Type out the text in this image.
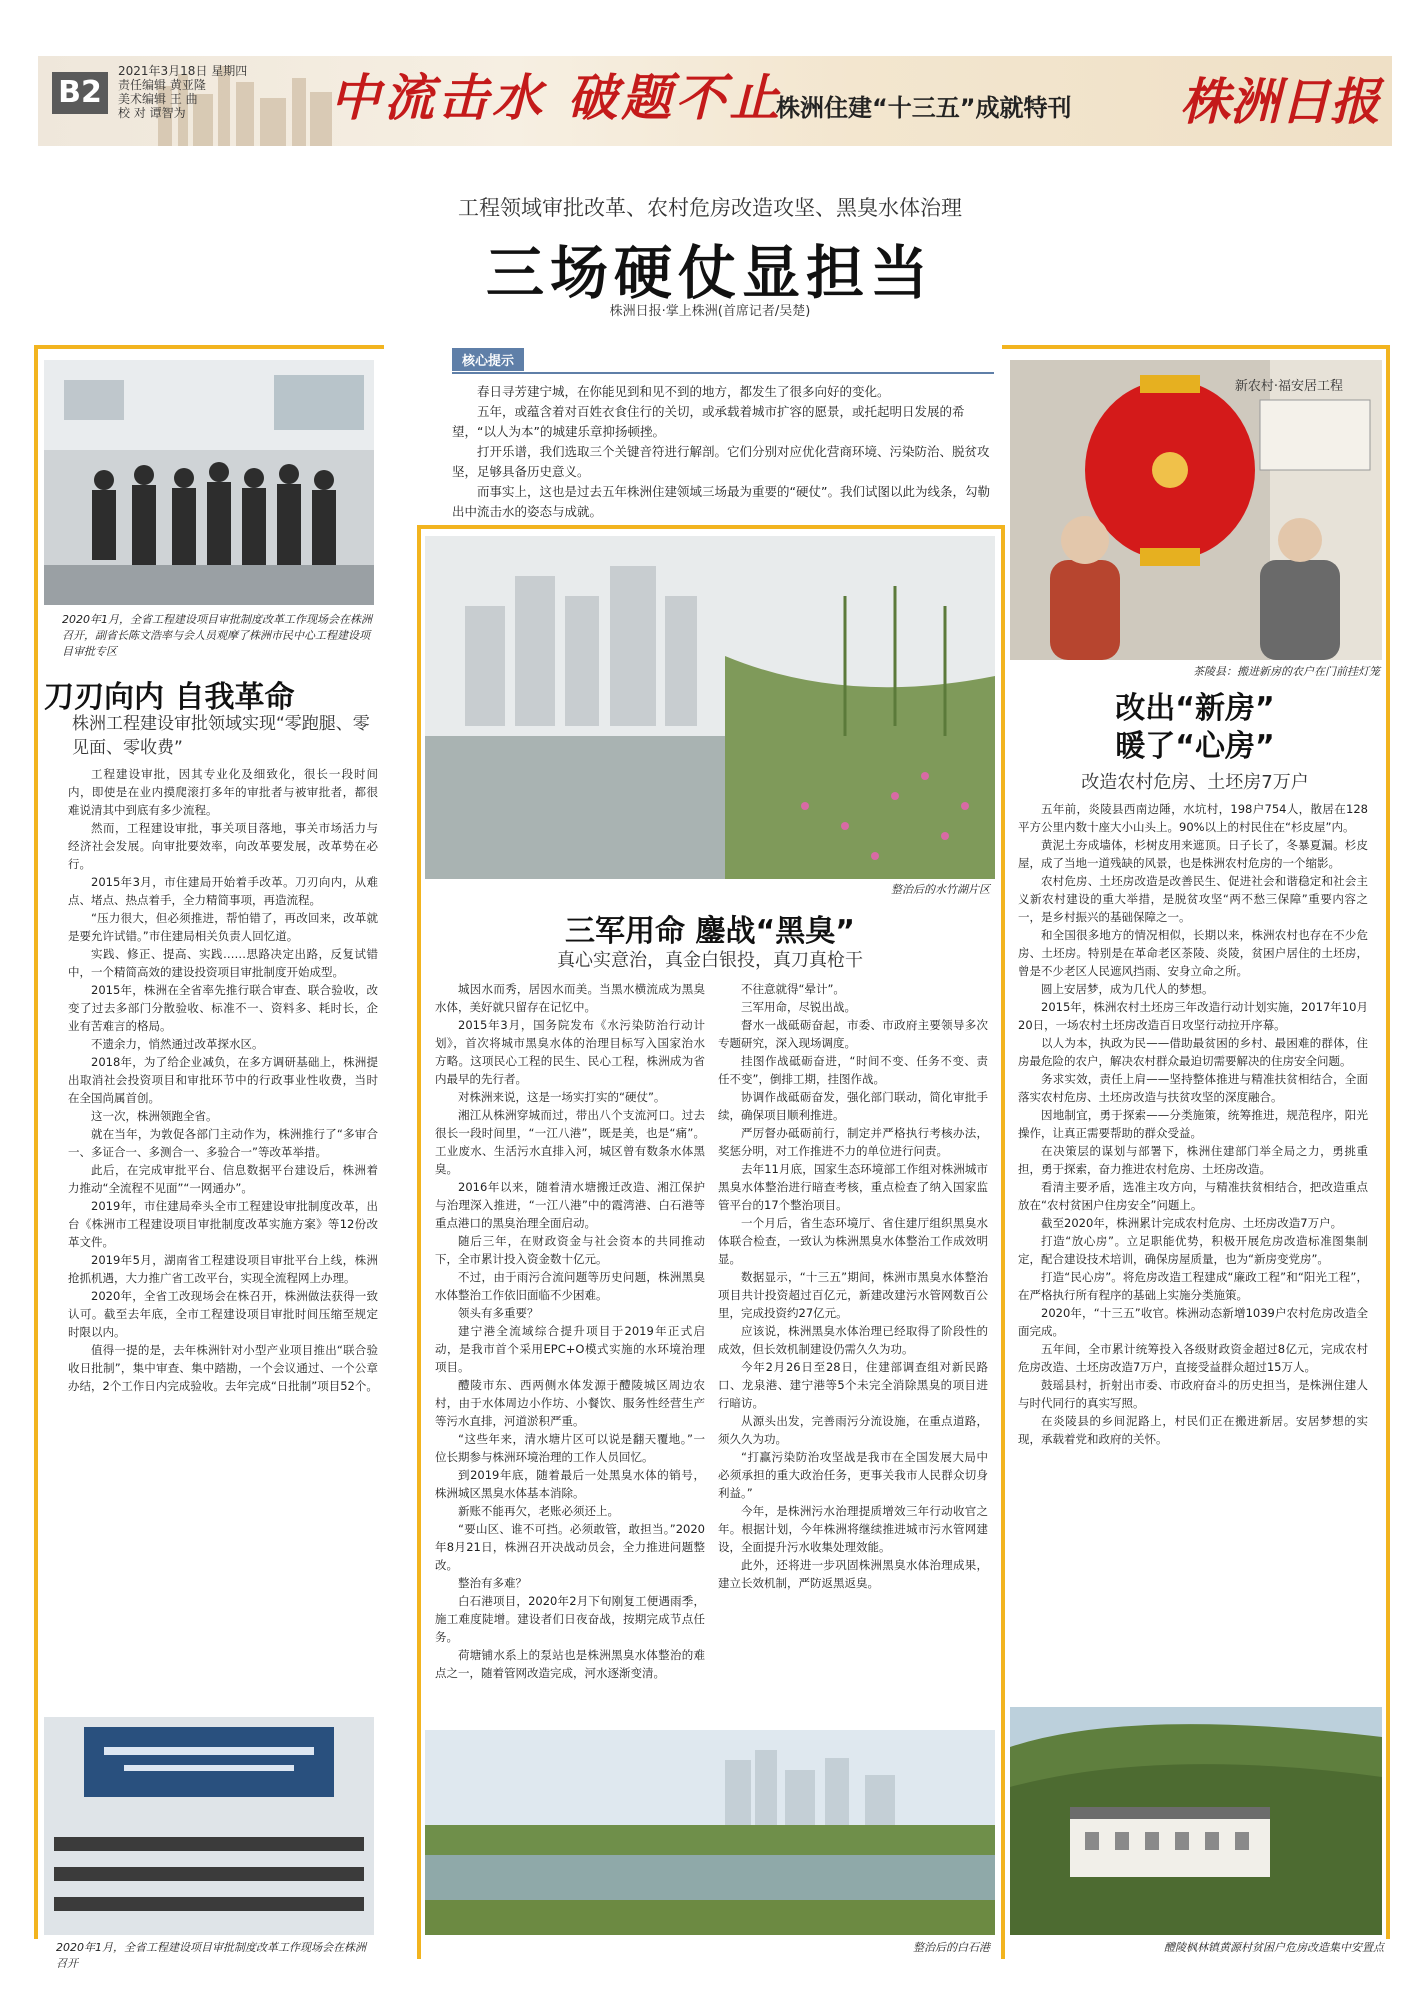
B2
2021年3月18日 星期四
责任编辑 黄亚隆
美术编辑 王 曲
校 对 谭智为	中流击水 破题不止
株洲住建“十三五”成就特刊 株洲日报
工程领域审批改革、农村危房改造攻坚、黑臭水体治理
三场硬仗显担当
株洲日报·掌上株洲(首席记者/吴楚)
核心提示

春日寻芳建宁城，在你能见到和见不到的地方，都发生了很多向好的变化。

五年，或蕴含着对百姓衣食住行的关切，或承载着城市扩容的愿景，或托起明日发展的希望，“以人为本”的城建乐章抑扬顿挫。

打开乐谱，我们选取三个关键音符进行解剖。它们分别对应优化营商环境、污染防治、脱贫攻坚，足够具备历史意义。

而事实上，这也是过去五年株洲住建领域三场最为重要的“硬仗”。我们试图以此为线条，勾勒出中流击水的姿态与成就。

2020年1月，全省工程建设项目审批制度改革工作现场会在株洲召开，副省长陈文浩率与会人员观摩了株洲市民中心工程建设项目审批专区
刀刃向内 自我革命
株洲工程建设审批领域实现“零跑腿、零见面、零收费”

工程建设审批，因其专业化及细致化，很长一段时间内，即使是在业内摸爬滚打多年的审批者与被审批者，都很难说清其中到底有多少流程。

然而，工程建设审批，事关项目落地，事关市场活力与经济社会发展。向审批要效率，向改革要发展，改革势在必行。

2015年3月，市住建局开始着手改革。刀刃向内，从难点、堵点、热点着手，全力精简事项，再造流程。

“压力很大，但必须推进，帮怕错了，再改回来，改革就是要允许试错。”市住建局相关负责人回忆道。

实践、修正、提高、实践……思路决定出路，反复试错中，一个精简高效的建设投资项目审批制度开始成型。

2015年，株洲在全省率先推行联合审查、联合验收，改变了过去多部门分散验收、标准不一、资料多、耗时长，企业有苦难言的格局。

不遗余力，悄然通过改革探水区。

2018年，为了给企业减负，在多方调研基础上，株洲提出取消社会投资项目和审批环节中的行政事业性收费，当时在全国尚属首创。

这一次，株洲领跑全省。

就在当年，为敦促各部门主动作为，株洲推行了“多审合一、多证合一、多测合一、多验合一”等改革举措。

此后，在完成审批平台、信息数据平台建设后，株洲着力推动“全流程不见面”“一网通办”。

2019年，市住建局牵头全市工程建设审批制度改革，出台《株洲市工程建设项目审批制度改革实施方案》等12份改革文件。

2019年5月，湖南省工程建设项目审批平台上线，株洲抢抓机遇，大力推广省工改平台，实现全流程网上办理。

2020年，全省工改现场会在株召开，株洲做法获得一致认可。截至去年底，全市工程建设项目审批时间压缩至规定时限以内。

值得一提的是，去年株洲针对小型产业项目推出“联合验收日批制”，集中审查、集中踏勘，一个会议通过、一个公章办结，2个工作日内完成验收。去年完成“日批制”项目52个。

2020年1月，全省工程建设项目审批制度改革工作现场会在株洲召开
整治后的水竹湖片区
三军用命 鏖战“黑臭”
真心实意治，真金白银投，真刀真枪干

城因水而秀，居因水而美。当黑水横流成为黑臭水体，美好就只留存在记忆中。

2015年3月，国务院发布《水污染防治行动计划》，首次将城市黑臭水体的治理目标写入国家治水方略。这项民心工程的民生、民心工程，株洲成为省内最早的先行者。

对株洲来说，这是一场实打实的“硬仗”。

湘江从株洲穿城而过，带出八个支流河口。过去很长一段时间里，“一江八港”，既是美，也是“痛”。工业废水、生活污水直排入河，城区曾有数条水体黑臭。

2016年以来，随着清水塘搬迁改造、湘江保护与治理深入推进，“一江八港”中的霞湾港、白石港等重点港口的黑臭治理全面启动。

随后三年，在财政资金与社会资本的共同推动下，全市累计投入资金数十亿元。

不过，由于雨污合流问题等历史问题，株洲黑臭水体整治工作依旧面临不少困难。

领头有多重要？

建宁港全流域综合提升项目于2019年正式启动，是我市首个采用EPC+O模式实施的水环境治理项目。

醴陵市东、西两侧水体发源于醴陵城区周边农村，由于水体周边小作坊、小餐饮、服务性经营生产等污水直排，河道淤积严重。

“这些年来，清水塘片区可以说是翻天覆地。”一位长期参与株洲环境治理的工作人员回忆。

到2019年底，随着最后一处黑臭水体的销号，株洲城区黑臭水体基本消除。

新账不能再欠，老账必须还上。

“要山区、谁不可挡。必须敢管，敢担当。”2020年8月21日，株洲召开决战动员会，全力推进问题整改。

整治有多难？

白石港项目，2020年2月下旬刚复工便遇雨季，施工难度陡增。建设者们日夜奋战，按期完成节点任务。

荷塘铺水系上的泵站也是株洲黑臭水体整治的难点之一，随着管网改造完成，河水逐渐变清。

不往意就得“晕计”。

三军用命，尽锐出战。

督水一战砥砺奋起，市委、市政府主要领导多次专题研究，深入现场调度。

挂图作战砥砺奋进，“时间不变、任务不变、责任不变”，倒排工期，挂图作战。

协调作战砥砺奋发，强化部门联动，简化审批手续，确保项目顺利推进。

严厉督办砥砺前行，制定并严格执行考核办法，奖惩分明，对工作推进不力的单位进行问责。

去年11月底，国家生态环境部工作组对株洲城市黑臭水体整治进行暗查考核，重点检查了纳入国家监管平台的17个整治项目。

一个月后，省生态环境厅、省住建厅组织黑臭水体联合检查，一致认为株洲黑臭水体整治工作成效明显。

数据显示，“十三五”期间，株洲市黑臭水体整治项目共计投资超过百亿元，新建改建污水管网数百公里，完成投资约27亿元。

应该说，株洲黑臭水体治理已经取得了阶段性的成效，但长效机制建设仍需久久为功。

今年2月26日至28日，住建部调查组对新民路口、龙泉港、建宁港等5个未完全消除黑臭的项目进行暗访。

从源头出发，完善雨污分流设施，在重点道路，须久久为功。

“打赢污染防治攻坚战是我市在全国发展大局中必须承担的重大政治任务，更事关我市人民群众切身利益。”

今年，是株洲污水治理提质增效三年行动收官之年。根据计划，今年株洲将继续推进城市污水管网建设，全面提升污水收集处理效能。

此外，还将进一步巩固株洲黑臭水体治理成果，建立长效机制，严防返黑返臭。

整治后的白石港
新农村·福安居工程
茶陵县：搬进新房的农户在门前挂灯笼
改出“新房”
暖了“心房”
改造农村危房、土坯房7万户

五年前，炎陵县西南边陲，水坑村，198户754人，散居在128平方公里内数十座大小山头上。90%以上的村民住在“杉皮屋”内。

黄泥土夯成墙体，杉树皮用来遮顶。日子长了，冬暴夏漏。杉皮屋，成了当地一道残缺的风景，也是株洲农村危房的一个缩影。

农村危房、土坯房改造是改善民生、促进社会和谐稳定和社会主义新农村建设的重大举措，是脱贫攻坚“两不愁三保障”重要内容之一，是乡村振兴的基础保障之一。

和全国很多地方的情况相似，长期以来，株洲农村也存在不少危房、土坯房。特别是在革命老区茶陵、炎陵，贫困户居住的土坯房，曾是不少老区人民遮风挡雨、安身立命之所。

圆上安居梦，成为几代人的梦想。

2015年，株洲农村土坯房三年改造行动计划实施，2017年10月20日，一场农村土坯房改造百日攻坚行动拉开序幕。

以人为本，执政为民——借助最贫困的乡村、最困难的群体，住房最危险的农户，解决农村群众最迫切需要解决的住房安全问题。

务求实效，责任上肩——坚持整体推进与精准扶贫相结合，全面落实农村危房、土坯房改造与扶贫攻坚的深度融合。

因地制宜，勇于探索——分类施策，统筹推进，规范程序，阳光操作，让真正需要帮助的群众受益。

在决策层的谋划与部署下，株洲住建部门举全局之力，勇挑重担，勇于探索，奋力推进农村危房、土坯房改造。

看清主要矛盾，选准主攻方向，与精准扶贫相结合，把改造重点放在“农村贫困户住房安全”问题上。

截至2020年，株洲累计完成农村危房、土坯房改造7万户。

打造“放心房”。立足职能优势，积极开展危房改造标准图集制定，配合建设技术培训，确保房屋质量，也为“新房变党房”。

打造“民心房”。将危房改造工程建成“廉政工程”和“阳光工程”，在严格执行所有程序的基础上实施分类施策。

2020年，“十三五”收官。株洲动态新增1039户农村危房改造全面完成。

五年间，全市累计统筹投入各级财政资金超过8亿元，完成农村危房改造、土坯房改造7万户，直接受益群众超过15万人。

鼓瑶县村，折射出市委、市政府奋斗的历史担当，是株洲住建人与时代同行的真实写照。

在炎陵县的乡间泥路上，村民们正在搬进新居。安居梦想的实现，承载着党和政府的关怀。

醴陵枫林镇黄源村贫困户危房改造集中安置点
